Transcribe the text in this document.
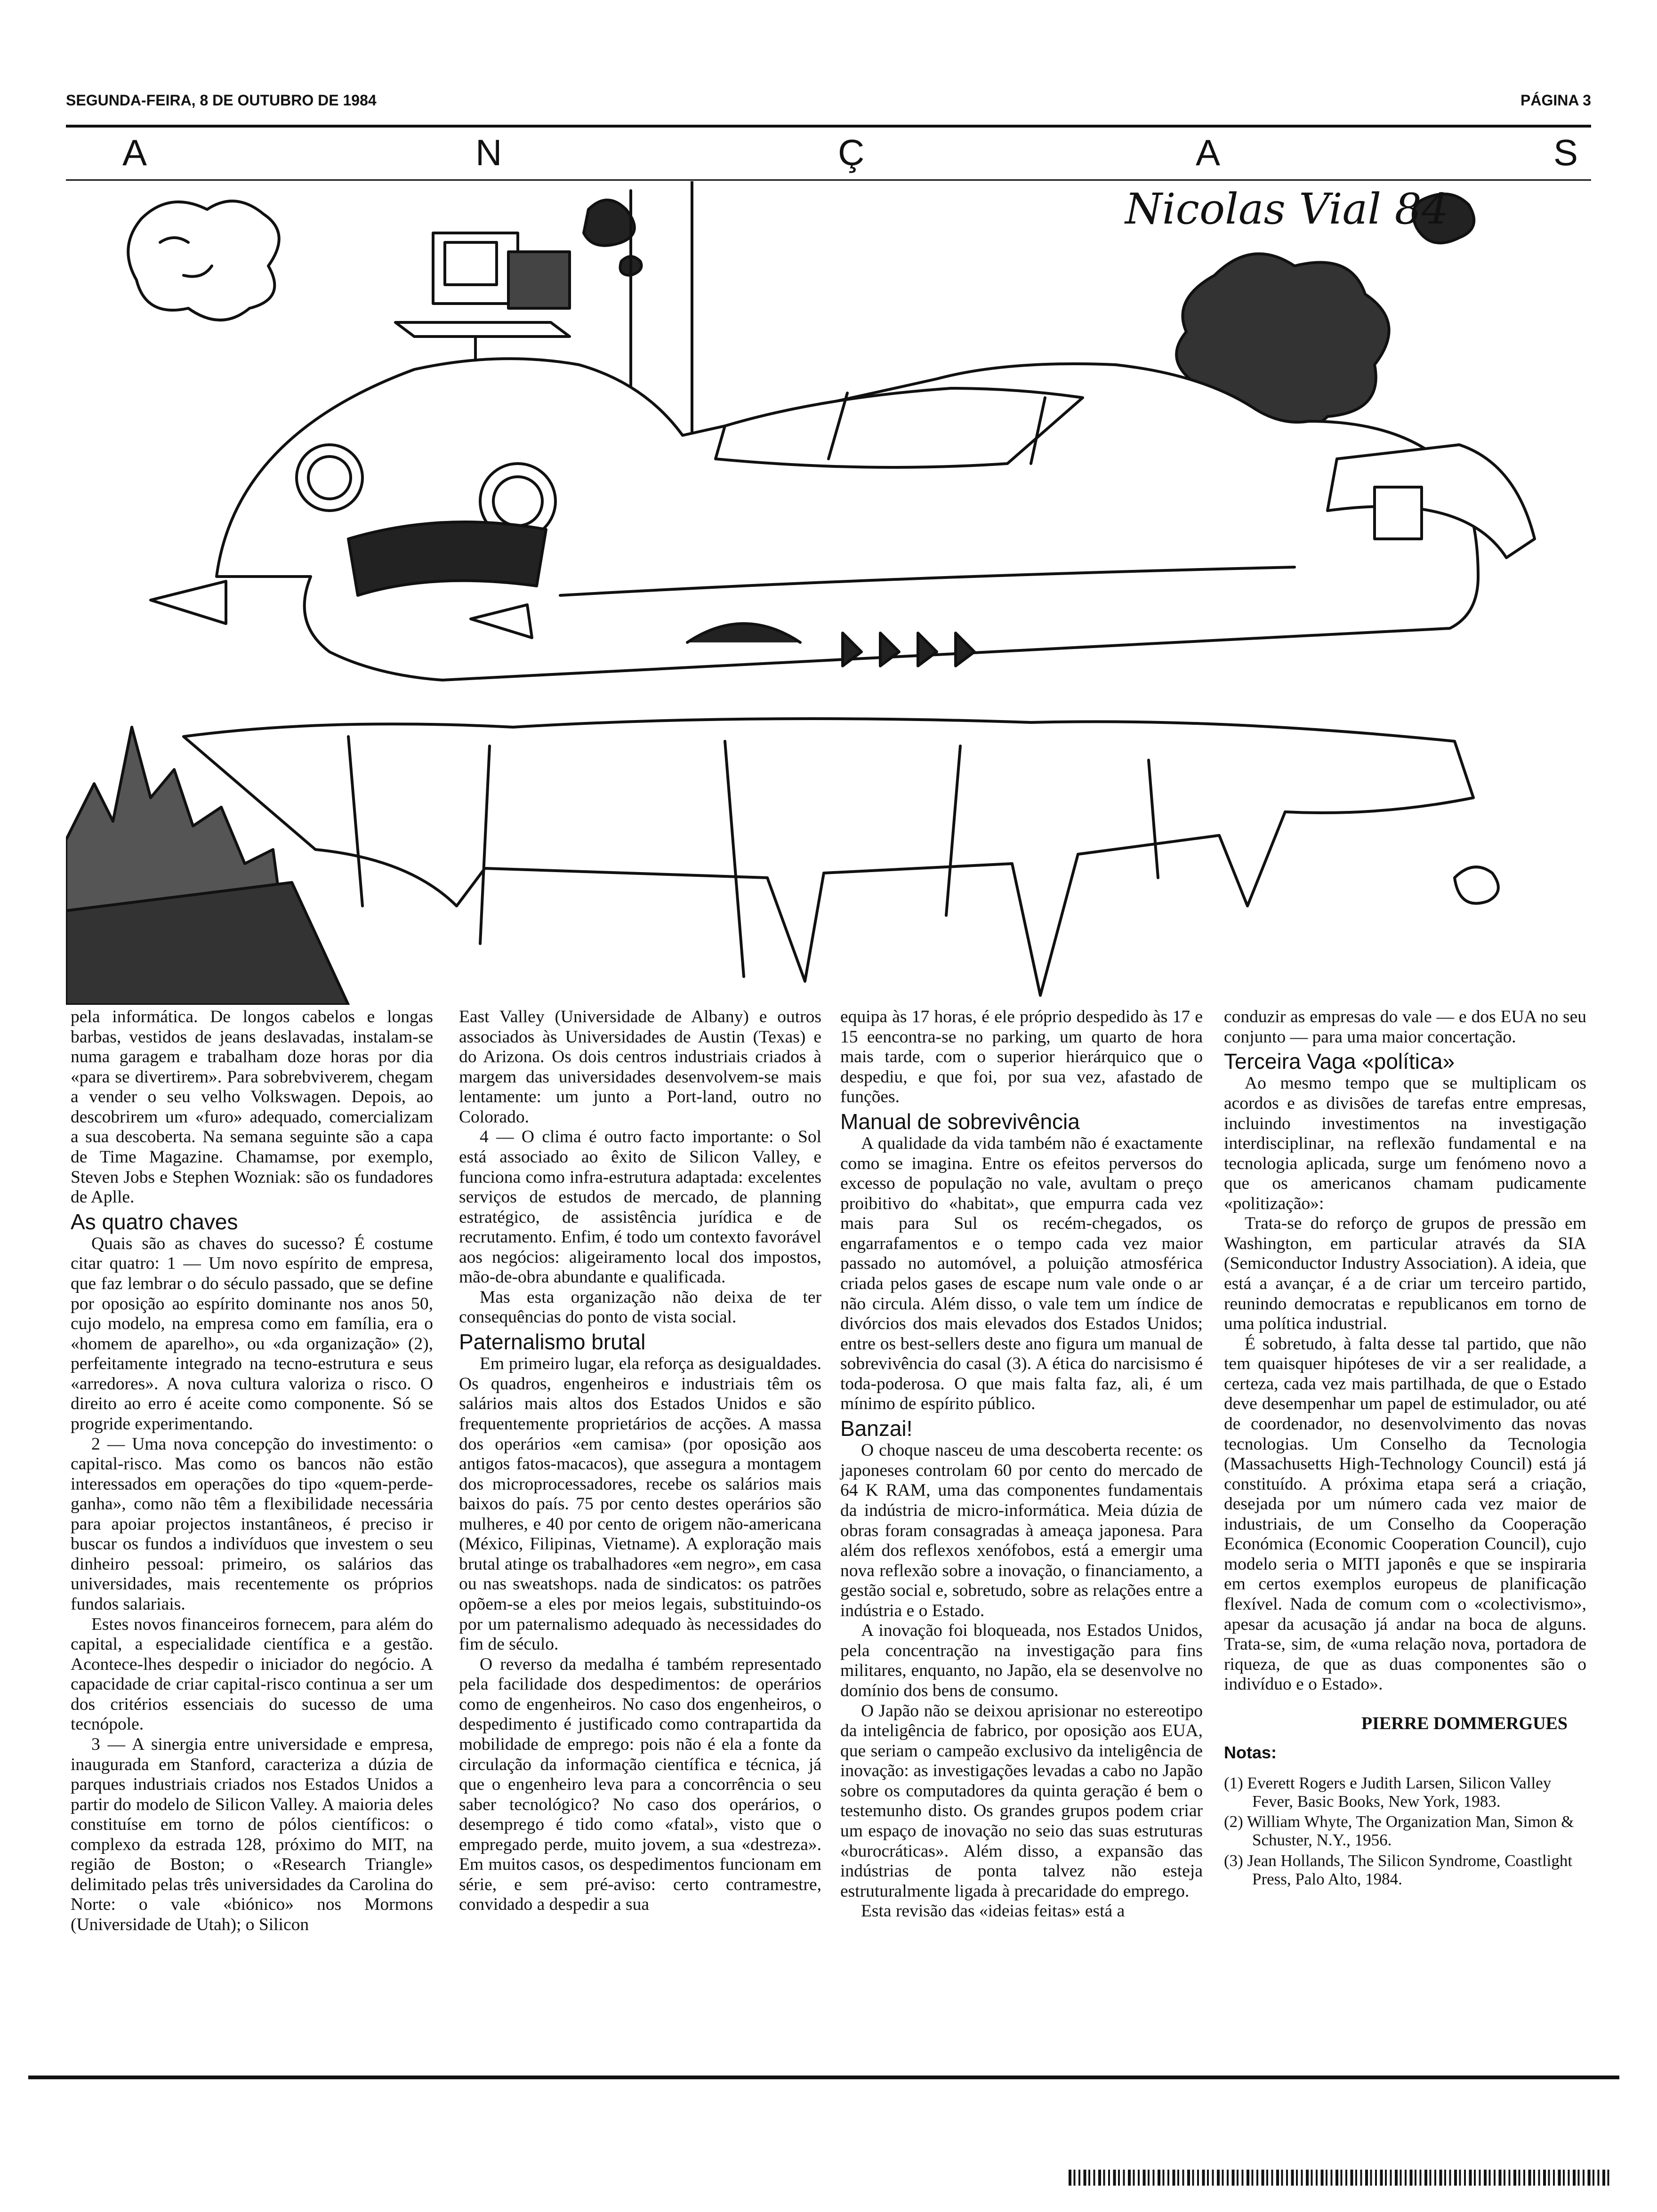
SEGUNDA-FEIRA, 8 DE OUTUBRO DE 1984	PÁGINA 3
A	N	Ç	A	S
Nicolas Vial 84

pela informática. De longos cabelos e longas barbas, vestidos de jeans deslavadas, instalam-se numa garagem e trabalham doze horas por dia «para se divertirem». Para sobrebviverem, chegam a vender o seu velho Volkswagen. Depois, ao descobrirem um «furo» adequado, comercializam a sua descoberta. Na semana seguinte são a capa de Time Magazine. Chamamse, por exemplo, Steven Jobs e Stephen Wozniak: são os fundadores de Aplle.

As quatro chaves

Quais são as chaves do sucesso? É costume citar quatro: 1 — Um novo espírito de empresa, que faz lembrar o do século passado, que se define por oposição ao espírito dominante nos anos 50, cujo modelo, na empresa como em família, era o «homem de aparelho», ou «da organização» (2), perfeitamente integrado na tecno-estrutura e seus «arredores». A nova cultura valoriza o risco. O direito ao erro é aceite como componente. Só se progride experimentando.

2 — Uma nova concepção do investimento: o capital-risco. Mas como os bancos não estão interessados em operações do tipo «quem-perde-ganha», como não têm a flexibilidade necessária para apoiar projectos instantâneos, é preciso ir buscar os fundos a indivíduos que investem o seu dinheiro pessoal: primeiro, os salários das universidades, mais recentemente os próprios fundos salariais.

Estes novos financeiros fornecem, para além do capital, a especialidade científica e a gestão. Acontece-lhes despedir o iniciador do negócio. A capacidade de criar capital-risco continua a ser um dos critérios essenciais do sucesso de uma tecnópole.

3 — A sinergia entre universidade e empresa, inaugurada em Stanford, caracteriza a dúzia de parques industriais criados nos Estados Unidos a partir do modelo de Silicon Valley. A maioria deles constituíse em torno de pólos científicos: o complexo da estrada 128, próximo do MIT, na região de Boston; o «Research Triangle» delimitado pelas três universidades da Carolina do Norte: o vale «biónico» nos Mormons (Universidade de Utah); o Silicon

East Valley (Universidade de Albany) e outros associados às Universidades de Austin (Texas) e do Arizona. Os dois centros industriais criados à margem das universidades desenvolvem-se mais lentamente: um junto a Port-land, outro no Colorado.

4 — O clima é outro facto importante: o Sol está associado ao êxito de Silicon Valley, e funciona como infra-estrutura adaptada: excelentes serviços de estudos de mercado, de planning estratégico, de assistência jurídica e de recrutamento. Enfim, é todo um contexto favorável aos negócios: aligeiramento local dos impostos, mão-de-obra abundante e qualificada.

Mas esta organização não deixa de ter consequências do ponto de vista social.

Paternalismo brutal

Em primeiro lugar, ela reforça as desigualdades. Os quadros, engenheiros e industriais têm os salários mais altos dos Estados Unidos e são frequentemente proprietários de acções. A massa dos operários «em camisa» (por oposição aos antigos fatos-macacos), que assegura a montagem dos microprocessadores, recebe os salários mais baixos do país. 75 por cento destes operários são mulheres, e 40 por cento de origem não-americana (México, Filipinas, Vietname). A exploração mais brutal atinge os trabalhadores «em negro», em casa ou nas sweatshops. nada de sindicatos: os patrões opõem-se a eles por meios legais, substituindo-os por um paternalismo adequado às necessidades do fim de século.

O reverso da medalha é também representado pela facilidade dos despedimentos: de operários como de engenheiros. No caso dos engenheiros, o despedimento é justificado como contrapartida da mobilidade de emprego: pois não é ela a fonte da circulação da informação científica e técnica, já que o engenheiro leva para a concorrência o seu saber tecnológico? No caso dos operários, o desemprego é tido como «fatal», visto que o empregado perde, muito jovem, a sua «destreza». Em muitos casos, os despedimentos funcionam em série, e sem pré-aviso: certo contramestre, convidado a despedir a sua

equipa às 17 horas, é ele próprio despedido às 17 e 15 eencontra-se no parking, um quarto de hora mais tarde, com o superior hierárquico que o despediu, e que foi, por sua vez, afastado de funções.

Manual de sobrevivência

A qualidade da vida também não é exactamente como se imagina. Entre os efeitos perversos do excesso de população no vale, avultam o preço proibitivo do «habitat», que empurra cada vez mais para Sul os recém-chegados, os engarrafamentos e o tempo cada vez maior passado no automóvel, a poluição atmosférica criada pelos gases de escape num vale onde o ar não circula. Além disso, o vale tem um índice de divórcios dos mais elevados dos Estados Unidos; entre os best-sellers deste ano figura um manual de sobrevivência do casal (3). A ética do narcisismo é toda-poderosa. O que mais falta faz, ali, é um mínimo de espírito público.

Banzai!

O choque nasceu de uma descoberta recente: os japoneses controlam 60 por cento do mercado de 64 K RAM, uma das componentes fundamentais da indústria de micro-informática. Meia dúzia de obras foram consagradas à ameaça japonesa. Para além dos reflexos xenófobos, está a emergir uma nova reflexão sobre a inovação, o financiamento, a gestão social e, sobretudo, sobre as relações entre a indústria e o Estado.

A inovação foi bloqueada, nos Estados Unidos, pela concentração na investigação para fins militares, enquanto, no Japão, ela se desenvolve no domínio dos bens de consumo.

O Japão não se deixou aprisionar no estereotipo da inteligência de fabrico, por oposição aos EUA, que seriam o campeão exclusivo da inteligência de inovação: as investigações levadas a cabo no Japão sobre os computadores da quinta geração é bem o testemunho disto. Os grandes grupos podem criar um espaço de inovação no seio das suas estruturas «burocráticas». Além disso, a expansão das indústrias de ponta talvez não esteja estruturalmente ligada à precaridade do emprego.

Esta revisão das «ideias feitas» está a

conduzir as empresas do vale — e dos EUA no seu conjunto — para uma maior concertação.

Terceira Vaga «política»

Ao mesmo tempo que se multiplicam os acordos e as divisões de tarefas entre empresas, incluindo investimentos na investigação interdisciplinar, na reflexão fundamental e na tecnologia aplicada, surge um fenómeno novo a que os americanos chamam pudicamente «politização»:

Trata-se do reforço de grupos de pressão em Washington, em particular através da SIA (Semiconductor Industry Association). A ideia, que está a avançar, é a de criar um terceiro partido, reunindo democratas e republicanos em torno de uma política industrial.

É sobretudo, à falta desse tal partido, que não tem quaisquer hipóteses de vir a ser realidade, a certeza, cada vez mais partilhada, de que o Estado deve desempenhar um papel de estimulador, ou até de coordenador, no desenvolvimento das novas tecnologias. Um Conselho da Tecnologia (Massachusetts High-Technology Council) está já constituído. A próxima etapa será a criação, desejada por um número cada vez maior de industriais, de um Conselho da Cooperação Económica (Economic Cooperation Council), cujo modelo seria o MITI japonês e que se inspiraria em certos exemplos europeus de planificação flexível. Nada de comum com o «colectivismo», apesar da acusação já andar na boca de alguns. Trata-se, sim, de «uma relação nova, portadora de riqueza, de que as duas componentes são o indivíduo e o Estado».

PIERRE DOMMERGUES
Notas:
(1) Everett Rogers e Judith Larsen, Silicon Valley Fever, Basic Books, New York, 1983.
(2) William Whyte, The Organization Man, Simon & Schuster, N.Y., 1956.
(3) Jean Hollands, The Silicon Syndrome, Coastlight Press, Palo Alto, 1984.
